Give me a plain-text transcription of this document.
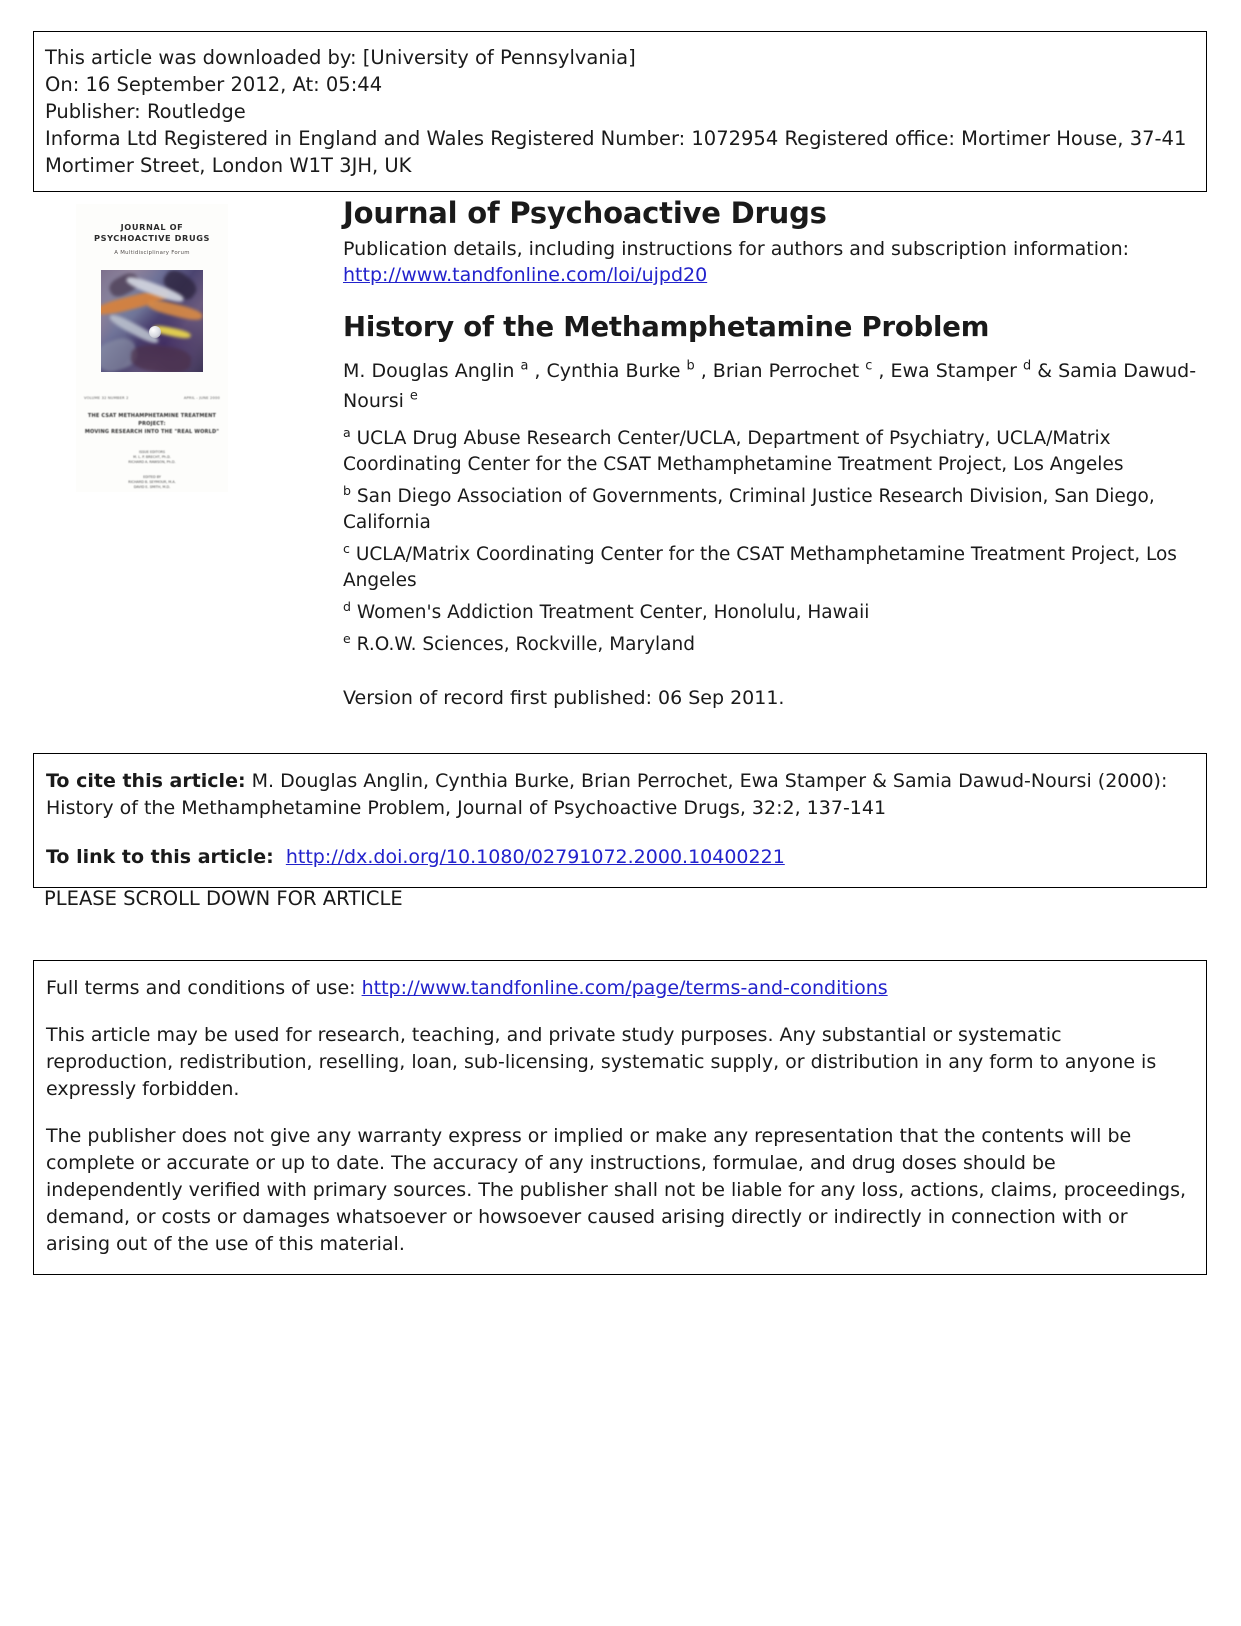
This article was downloaded by: [University of Pennsylvania]
On: 16 September 2012, At: 05:44
Publisher: Routledge
Informa Ltd Registered in England and Wales Registered Number: 1072954 Registered office: Mortimer House, 37-41 Mortimer Street, London W1T 3JH, UK
JOURNAL OF
PSYCHOACTIVE DRUGS
A Multidisciplinary Forum
VOLUME 32 NUMBER 2	APRIL - JUNE 2000
THE CSAT METHAMPHETAMINE TREATMENT PROJECT:
MOVING RESEARCH INTO THE "REAL WORLD"
ISSUE EDITORS
M. L. P. BRECHT, Ph.D.
RICHARD A. RAWSON, Ph.D.
EDITED BY
RICHARD B. SEYMOUR, M.A.
DAVID E. SMITH, M.D.
Journal of Psychoactive Drugs

Publication details, including instructions for authors and subscription information:
http://www.tandfonline.com/loi/ujpd20

History of the Methamphetamine Problem

M. Douglas Anglin $^a$ , Cynthia Burke $^b$ , Brian Perrochet $^c$ , Ewa Stamper $^d$ & Samia Dawud-Noursi $^e$

$^a$ UCLA Drug Abuse Research Center/UCLA, Department of Psychiatry, UCLA/Matrix Coordinating Center for the CSAT Methamphetamine Treatment Project, Los Angeles

$^b$ San Diego Association of Governments, Criminal Justice Research Division, San Diego, California

$^c$ UCLA/Matrix Coordinating Center for the CSAT Methamphetamine Treatment Project, Los Angeles

$^d$ Women's Addiction Treatment Center, Honolulu, Hawaii

$^e$ R.O.W. Sciences, Rockville, Maryland

Version of record first published: 06 Sep 2011.

To cite this article: M. Douglas Anglin, Cynthia Burke, Brian Perrochet, Ewa Stamper & Samia Dawud-Noursi (2000): History of the Methamphetamine Problem, Journal of Psychoactive Drugs, 32:2, 137-141

To link to this article: http://dx.doi.org/10.1080/02791072.2000.10400221

PLEASE SCROLL DOWN FOR ARTICLE

Full terms and conditions of use: http://www.tandfonline.com/page/terms-and-conditions

This article may be used for research, teaching, and private study purposes. Any substantial or systematic reproduction, redistribution, reselling, loan, sub-licensing, systematic supply, or distribution in any form to anyone is expressly forbidden.

The publisher does not give any warranty express or implied or make any representation that the contents will be complete or accurate or up to date. The accuracy of any instructions, formulae, and drug doses should be independently verified with primary sources. The publisher shall not be liable for any loss, actions, claims, proceedings, demand, or costs or damages whatsoever or howsoever caused arising directly or indirectly in connection with or arising out of the use of this material.
